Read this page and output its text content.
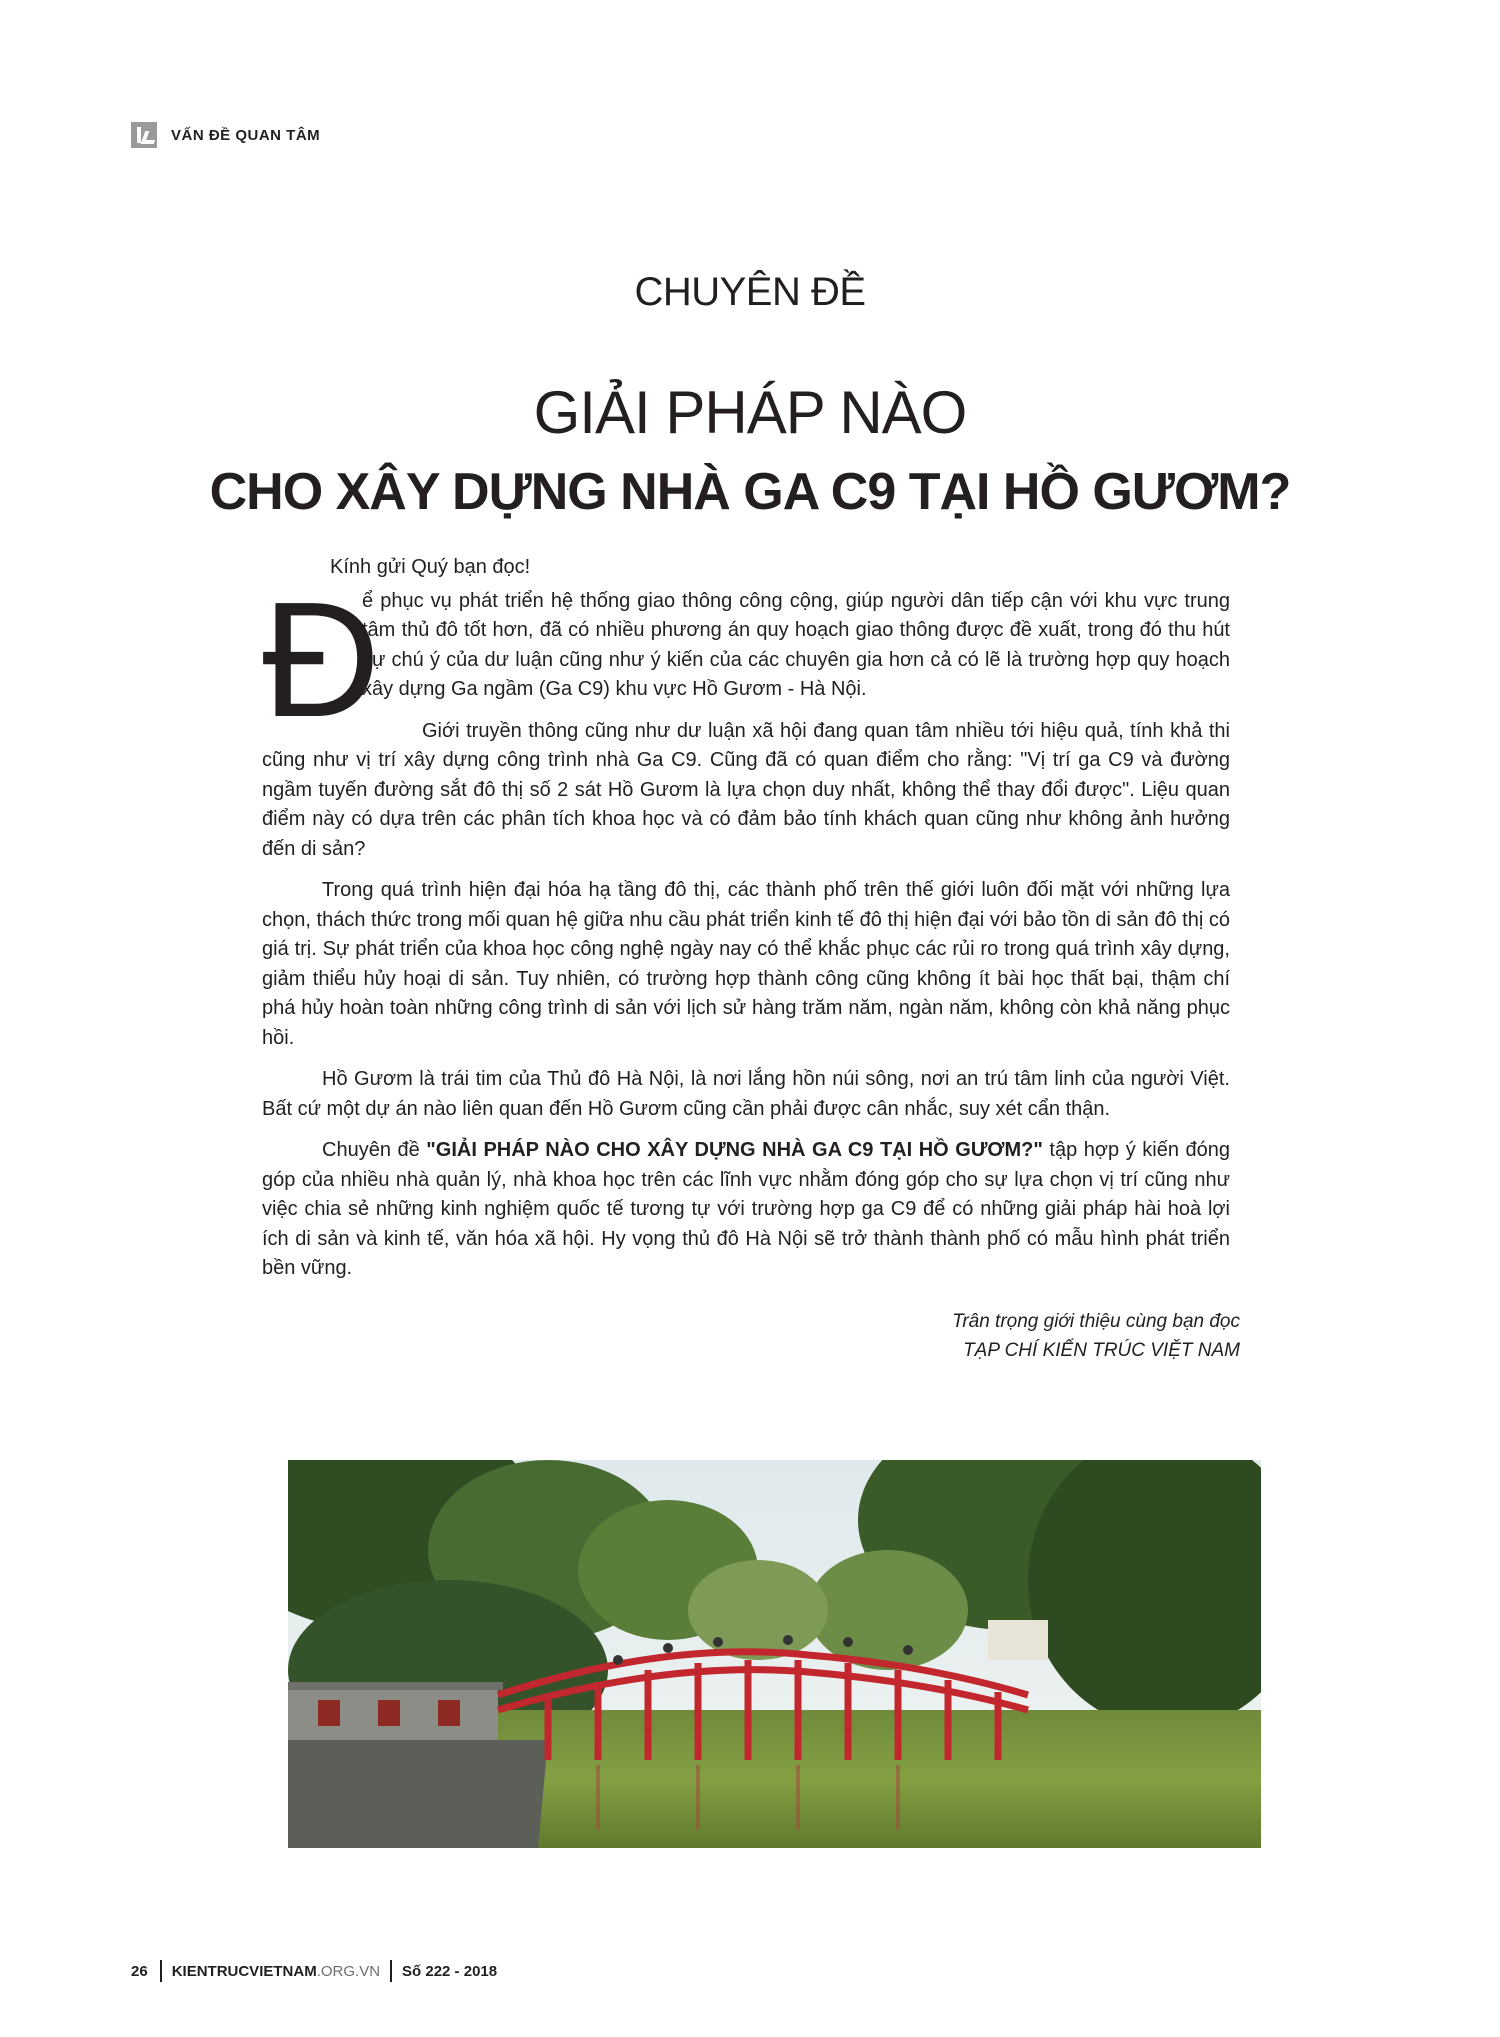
VẤN ĐỀ QUAN TÂM
CHUYÊN ĐỀ
GIẢI PHÁP NÀO
CHO XÂY DỰNG NHÀ GA C9 TẠI HỒ GƯƠM?

Kính gửi Quý bạn đọc!

Đ
ể phục vụ phát triển hệ thống giao thông công cộng, giúp người dân tiếp cận với khu vực trung tâm thủ đô tốt hơn, đã có nhiều phương án quy hoạch giao thông được đề xuất, trong đó thu hút sự chú ý của dư luận cũng như ý kiến của các chuyên gia hơn cả có lẽ là trường hợp quy hoạch xây dựng Ga ngầm (Ga C9) khu vực Hồ Gươm - Hà Nội.

Giới truyền thông cũng như dư luận xã hội đang quan tâm nhiều tới hiệu quả, tính khả thi cũng như vị trí xây dựng công trình nhà Ga C9. Cũng đã có quan điểm cho rằng: "Vị trí ga C9 và đường ngầm tuyến đường sắt đô thị số 2 sát Hồ Gươm là lựa chọn duy nhất, không thể thay đổi được". Liệu quan điểm này có dựa trên các phân tích khoa học và có đảm bảo tính khách quan cũng như không ảnh hưởng đến di sản?

Trong quá trình hiện đại hóa hạ tầng đô thị, các thành phố trên thế giới luôn đối mặt với những lựa chọn, thách thức trong mối quan hệ giữa nhu cầu phát triển kinh tế đô thị hiện đại với bảo tồn di sản đô thị có giá trị. Sự phát triển của khoa học công nghệ ngày nay có thể khắc phục các rủi ro trong quá trình xây dựng, giảm thiểu hủy hoại di sản. Tuy nhiên, có trường hợp thành công cũng không ít bài học thất bại, thậm chí phá hủy hoàn toàn những công trình di sản với lịch sử hàng trăm năm, ngàn năm, không còn khả năng phục hồi.

Hồ Gươm là trái tim của Thủ đô Hà Nội, là nơi lắng hồn núi sông, nơi an trú tâm linh của người Việt. Bất cứ một dự án nào liên quan đến Hồ Gươm cũng cần phải được cân nhắc, suy xét cẩn thận.

Chuyên đề "GIẢI PHÁP NÀO CHO XÂY DỰNG NHÀ GA C9 TẠI HỒ GƯƠM?" tập hợp ý kiến đóng góp của nhiều nhà quản lý, nhà khoa học trên các lĩnh vực nhằm đóng góp cho sự lựa chọn vị trí cũng như việc chia sẻ những kinh nghiệm quốc tế tương tự với trường hợp ga C9 để có những giải pháp hài hoà lợi ích di sản và kinh tế, văn hóa xã hội. Hy vọng thủ đô Hà Nội sẽ trở thành thành phố có mẫu hình phát triển bền vững.

Trân trọng giới thiệu cùng bạn đọc
TẠP CHÍ KIẾN TRÚC VIỆT NAM
26 KIENTRUCVIETNAM .ORG.VN Số 222 - 2018
